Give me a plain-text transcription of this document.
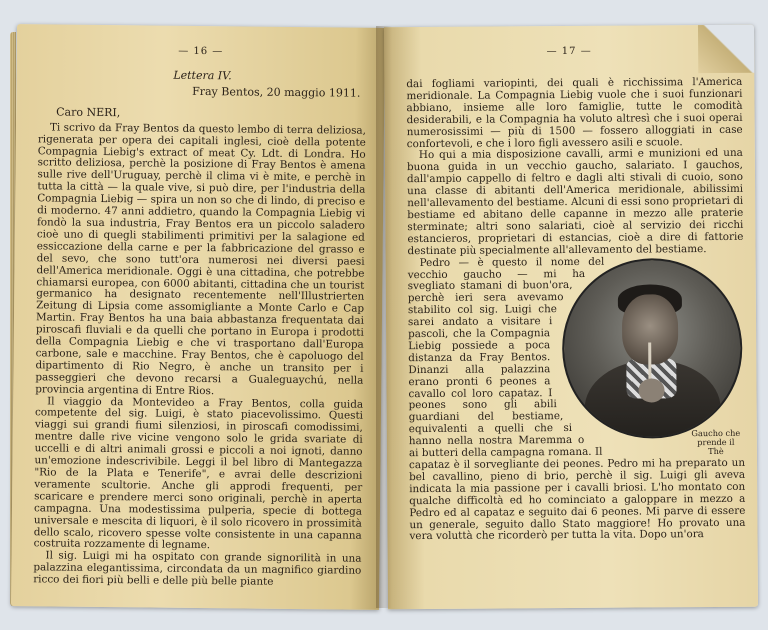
— 16 —
Lettera IV.
Fray Bentos, 20 maggio 1911.
Caro NERI,

Ti scrivo da Fray Bentos da questo lembo di terra deliziosa, rigenerata per opera dei capitali inglesi, cioè della potente Compagnia Liebig's extract of meat Cy. Ldt. di Londra. Ho scritto deliziosa, perchè la posizione di Fray Bentos è amena sulle rive dell'Uruguay, perchè il clima vi è mite, e perchè in tutta la città — la quale vive, si può dire, per l'industria della Compagnia Liebig — spira un non so che di lindo, di preciso e di moderno. 47 anni addietro, quando la Compagnia Liebig vi fondò la sua industria, Fray Bentos era un piccolo saladero cioè uno di quegli stabilimenti primitivi per la salagione ed essiccazione della carne e per la fabbricazione del grasso e del sevo, che sono tutt'ora numerosi nei diversi paesi dell'America meridionale. Oggi è una cittadina, che potrebbe chiamarsi europea, con 6000 abitanti, cittadina che un tourist germanico ha designato recentemente nell'Illustrierten Zeitung di Lipsia come assomigliante a Monte Carlo e Cap Martin. Fray Bentos ha una baia abbastanza frequentata dai piroscafi fluviali e da quelli che portano in Europa i prodotti della Compagnia Liebig e che vi trasportano dall'Europa carbone, sale e macchine. Fray Bentos, che è capoluogo del dipartimento di Rio Negro, è anche un transito per i passeggieri che devono recarsi a Gualeguaychú, nella provincia argentina di Entre Rios.

Il viaggio da Montevideo a Fray Bentos, colla guida competente del sig. Luigi, è stato piacevolissimo. Questi viaggi sui grandi fiumi silenziosi, in piroscafi comodissimi, mentre dalle rive vicine vengono solo le grida svariate di uccelli e di altri animali grossi e piccoli a noi ignoti, danno un'emozione indescrivibile. Leggi il bel libro di Mantegazza "Rio de la Plata e Tenerife", e avrai delle descrizioni veramente scultorie. Anche gli approdi frequenti, per scaricare e prendere merci sono originali, perchè in aperta campagna. Una modestissima pulperia, specie di bottega universale e mescita di liquori, è il solo ricovero in prossimità dello scalo, ricovero spesse volte consistente in una capanna costruita rozzamente di legname.

Il sig. Luigi mi ha ospitato con grande signorilità in una palazzina elegantissima, circondata da un magnifico giardino ricco dei fiori più belli e delle più belle piante

— 17 —

dai fogliami variopinti, dei quali è ricchissima l'America meridionale. La Compagnia Liebig vuole che i suoi funzionari abbiano, insieme alle loro famiglie, tutte le comodità desiderabili, e la Compagnia ha voluto altresì che i suoi operai numerosissimi — più di 1500 — fossero alloggiati in case confortevoli, e che i loro figli avessero asili e scuole.

Ho qui a mia disposizione cavalli, armi e munizioni ed una buona guida in un vecchio gaucho, salariato. I gauchos, dall'ampio cappello di feltro e dagli alti stivali di cuoio, sono una classe di abitanti dell'America meridionale, abilissimi nell'allevamento del bestiame. Alcuni di essi sono proprietari di bestiame ed abitano delle capanne in mezzo alle praterie sterminate; altri sono salariati, cioè al servizio dei ricchi estancieros, proprietari di estancias, cioè a dire di fattorie destinate più specialmente all'allevamento del bestiame.

Gaucho che prende il Thè

Pedro — è questo il nome del vecchio gaucho — mi ha svegliato stamani di buon'ora, perchè ieri sera avevamo stabilito col sig. Luigi che sarei andato a visitare i pascoli, che la Compagnia Liebig possiede a poca distanza da Fray Bentos. Dinanzi alla palazzina erano pronti 6 peones a cavallo col loro capataz. I peones sono gli abili guardiani del bestiame, equivalenti a quelli che si hanno nella nostra Maremma o ai butteri della campagna romana. Il capataz è il sorvegliante dei peones. Pedro mi ha preparato un bel cavallino, pieno di brio, perchè il sig. Luigi gli aveva indicata la mia passione per i cavalli briosi. L'ho montato con qualche difficoltà ed ho cominciato a galoppare in mezzo a Pedro ed al capataz e seguito dai 6 peones. Mi parve di essere un generale, seguito dallo Stato maggiore! Ho provato una vera voluttà che ricorderò per tutta la vita. Dopo un'ora
